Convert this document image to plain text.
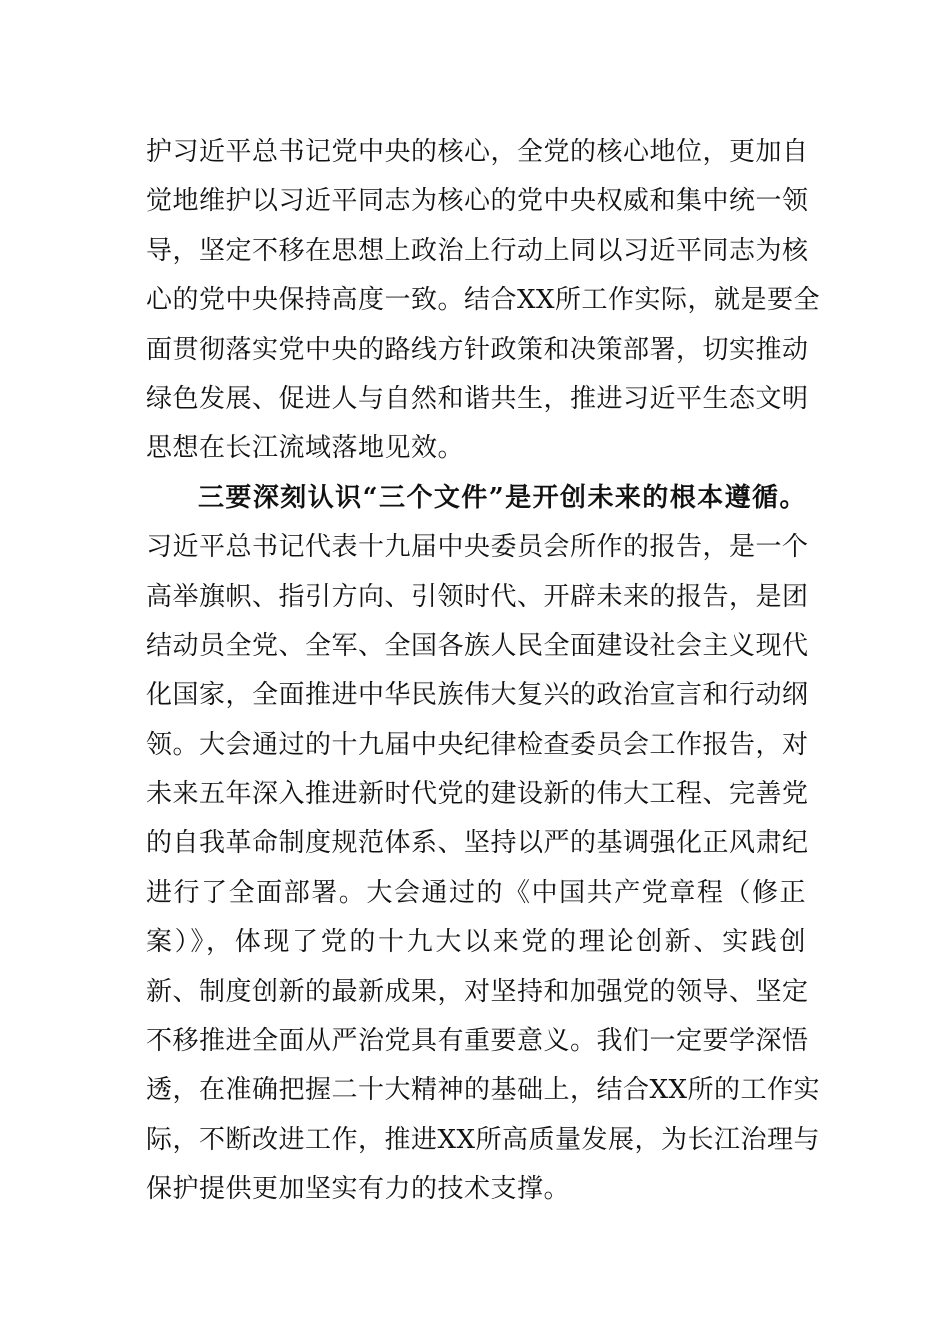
护习近平总书记党中央的核心，全党的核心地位，更加自
觉地维护以习近平同志为核心的党中央权威和集中统一领
导，坚定不移在思想上政治上行动上同以习近平同志为核
心的党中央保持高度一致。结合XX所工作实际，就是要全
面贯彻落实党中央的路线方针政策和决策部署，切实推动
绿色发展、促进人与自然和谐共生，推进习近平生态文明
思想在长江流域落地见效。
三要深刻认识“三个文件”是开创未来的根本遵循。
习近平总书记代表十九届中央委员会所作的报告，是一个
高举旗帜、指引方向、引领时代、开辟未来的报告，是团
结动员全党、全军、全国各族人民全面建设社会主义现代
化国家，全面推进中华民族伟大复兴的政治宣言和行动纲
领。大会通过的十九届中央纪律检查委员会工作报告，对
未来五年深入推进新时代党的建设新的伟大工程、完善党
的自我革命制度规范体系、坚持以严的基调强化正风肃纪
进行了全面部署。大会通过的《中国共产党章程（修正
案）》，体现了党的十九大以来党的理论创新、实践创
新、制度创新的最新成果，对坚持和加强党的领导、坚定
不移推进全面从严治党具有重要意义。我们一定要学深悟
透，在准确把握二十大精神的基础上，结合XX所的工作实
际，不断改进工作，推进XX所高质量发展，为长江治理与
保护提供更加坚实有力的技术支撑。
